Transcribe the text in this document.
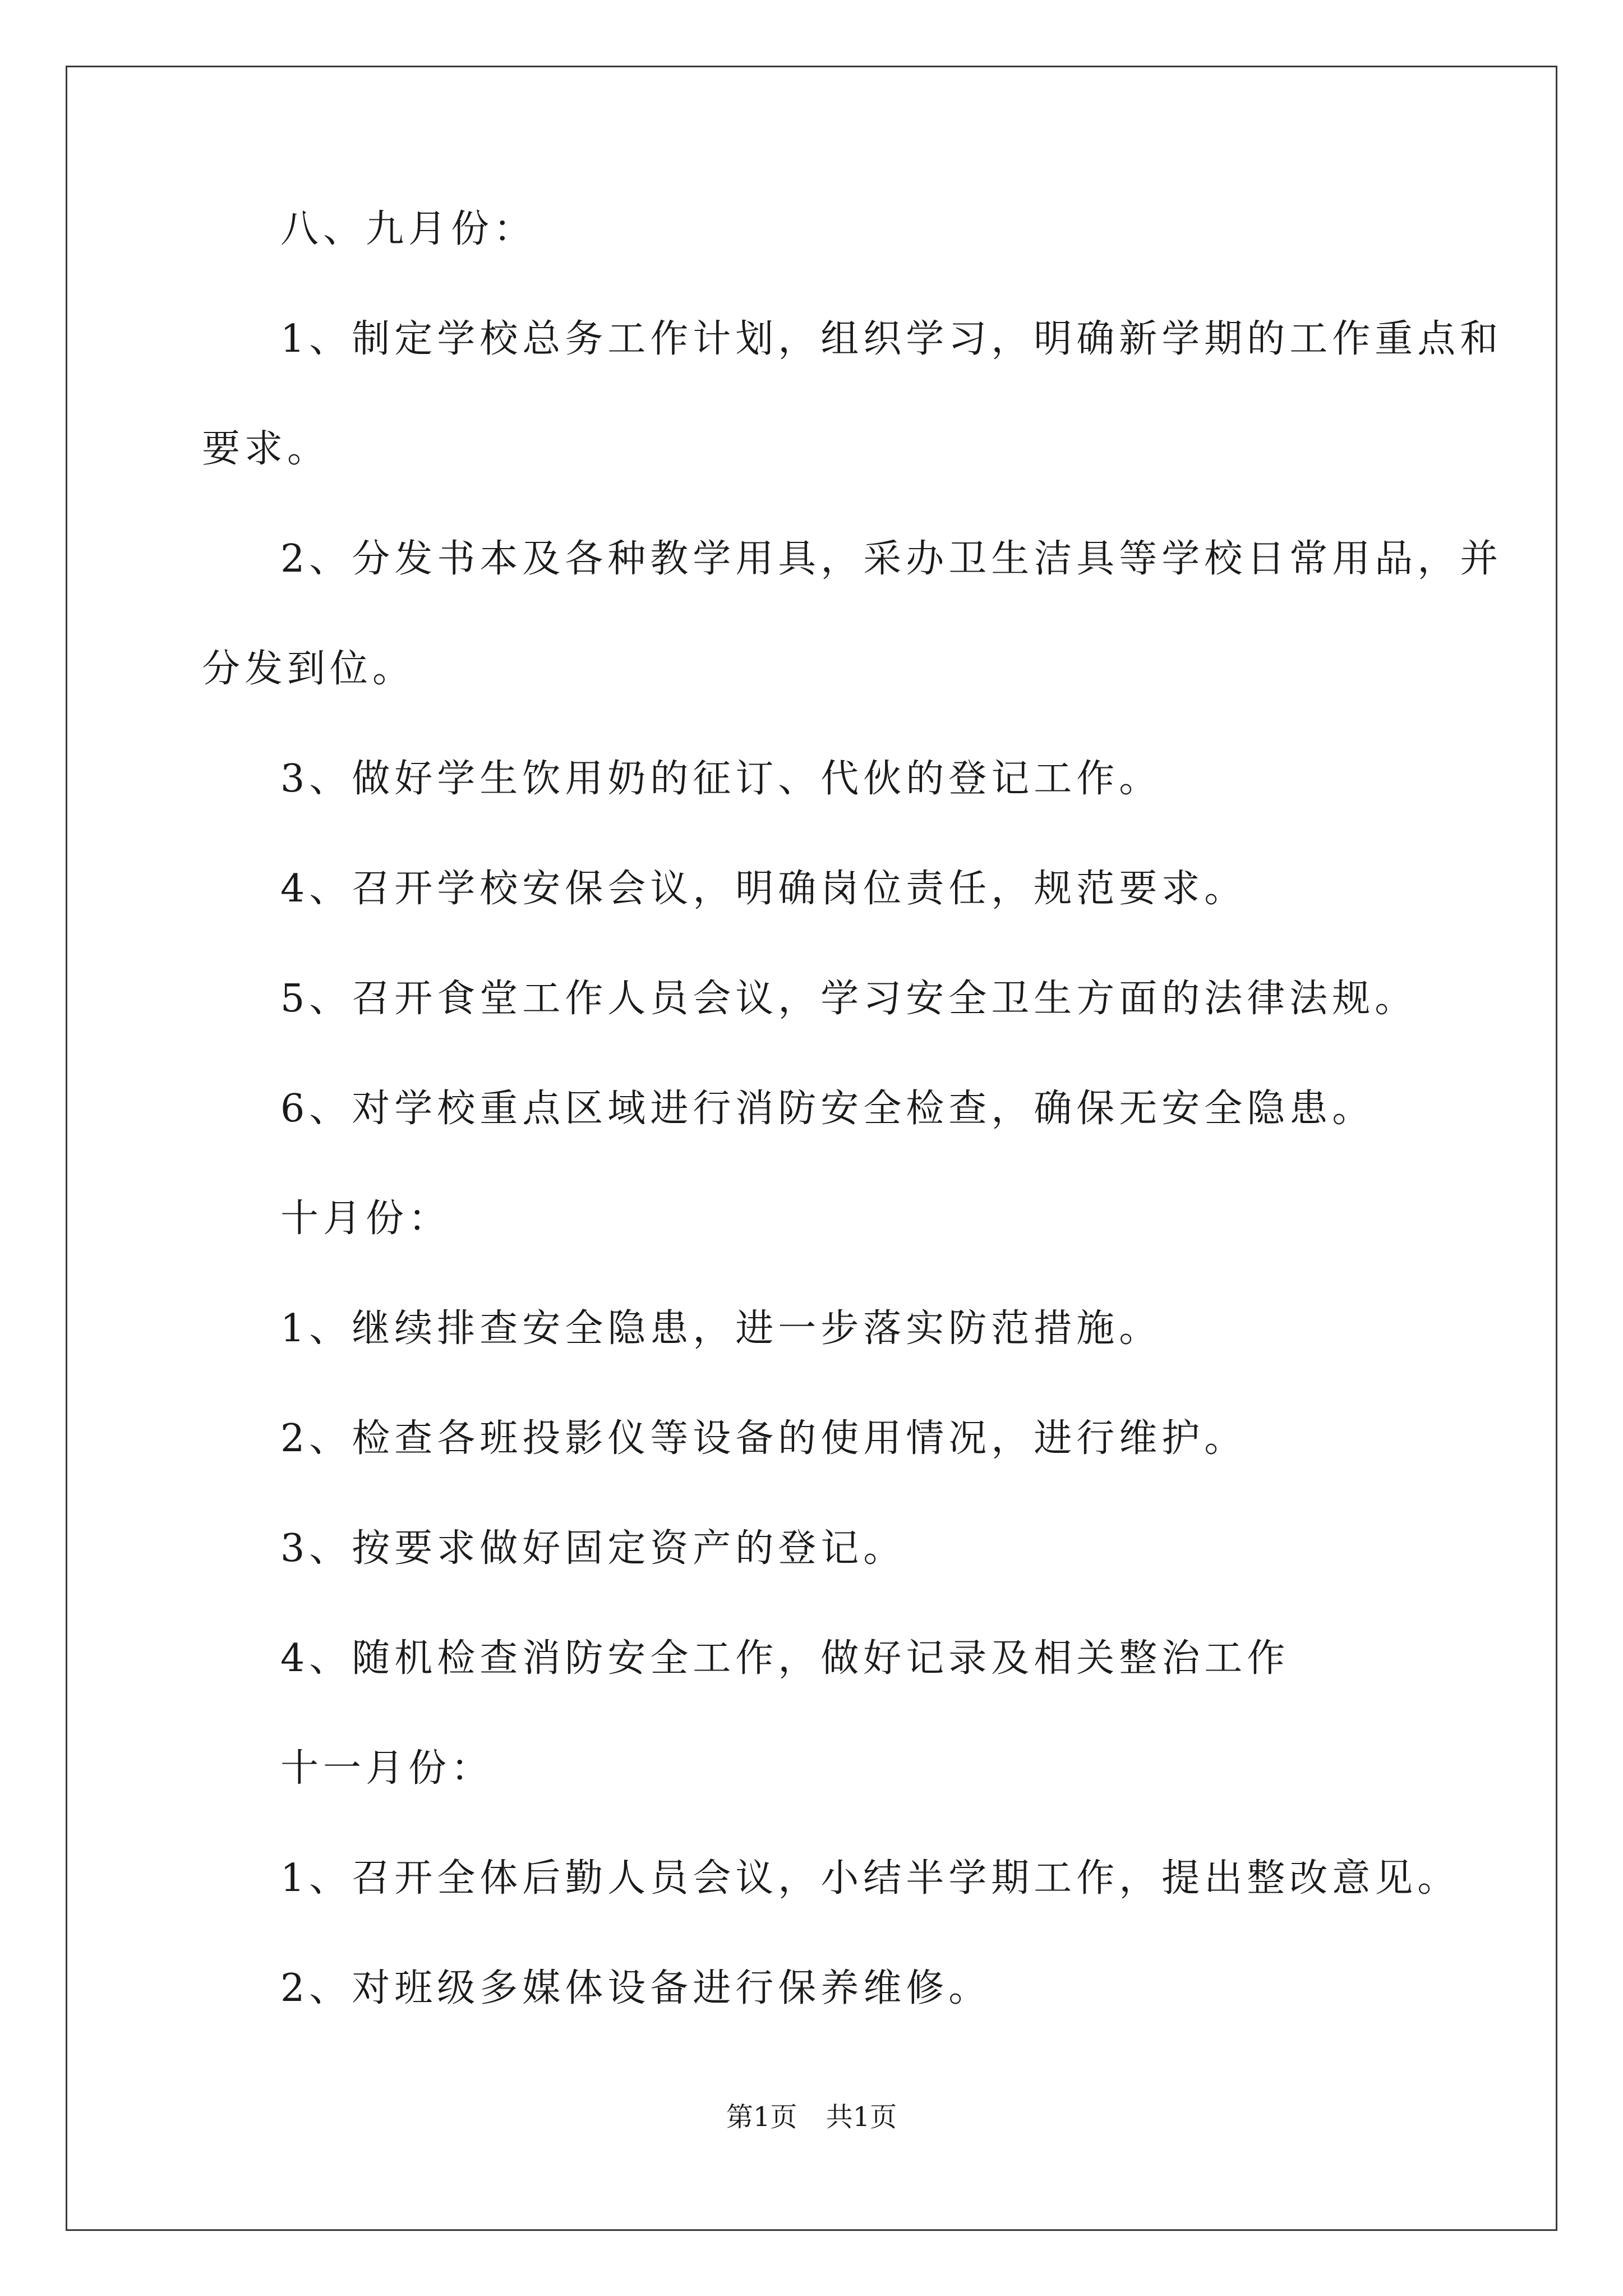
八、九月份：
1、制定学校总务工作计划，组织学习，明确新学期的工作重点和
要求。
2、分发书本及各种教学用具，采办卫生洁具等学校日常用品，并
分发到位。
3、做好学生饮用奶的征订、代伙的登记工作。
4、召开学校安保会议，明确岗位责任，规范要求。
5、召开食堂工作人员会议，学习安全卫生方面的法律法规。
6、对学校重点区域进行消防安全检查，确保无安全隐患。
十月份：
1、继续排查安全隐患，进一步落实防范措施。
2、检查各班投影仪等设备的使用情况，进行维护。
3、按要求做好固定资产的登记。
4、随机检查消防安全工作，做好记录及相关整治工作
十一月份：
1、召开全体后勤人员会议，小结半学期工作，提出整改意见。
2、对班级多媒体设备进行保养维修。
第1页 共1页
